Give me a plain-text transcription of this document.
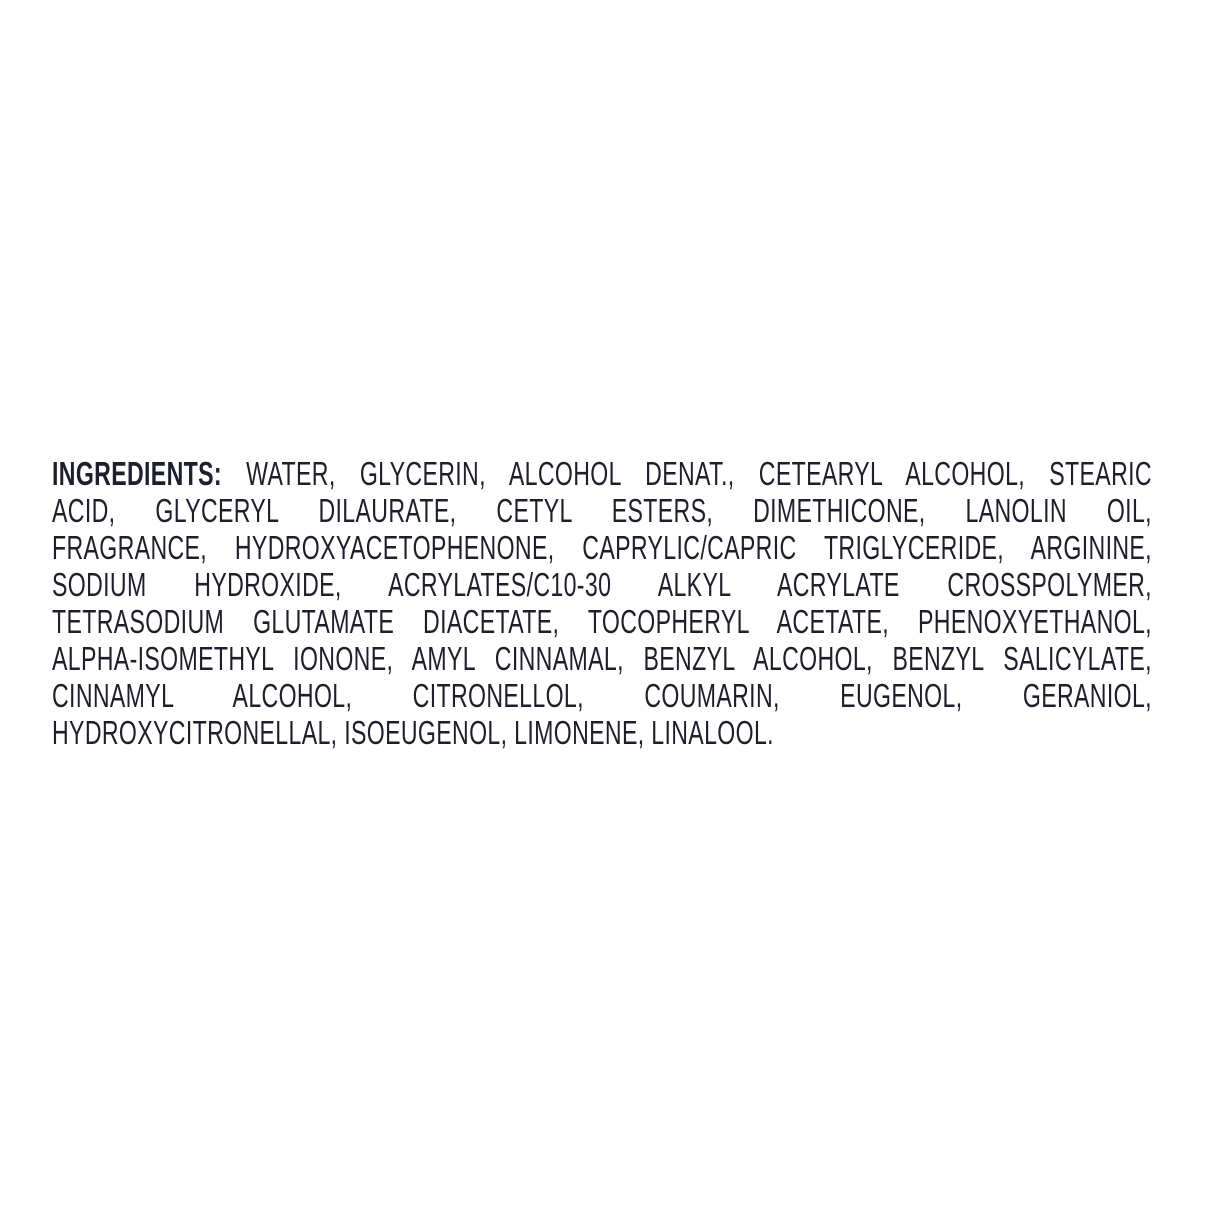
INGREDIENTS: WATER, GLYCERIN, ALCOHOL DENAT., CETEARYL ALCOHOL, STEARIC
ACID, GLYCERYL DILAURATE, CETYL ESTERS, DIMETHICONE, LANOLIN OIL,
FRAGRANCE, HYDROXYACETOPHENONE, CAPRYLIC/CAPRIC TRIGLYCERIDE, ARGININE,
SODIUM HYDROXIDE, ACRYLATES/C10-30 ALKYL ACRYLATE CROSSPOLYMER,
TETRASODIUM GLUTAMATE DIACETATE, TOCOPHERYL ACETATE, PHENOXYETHANOL,
ALPHA-ISOMETHYL IONONE, AMYL CINNAMAL, BENZYL ALCOHOL, BENZYL SALICYLATE,
CINNAMYL ALCOHOL, CITRONELLOL, COUMARIN, EUGENOL, GERANIOL,
HYDROXYCITRONELLAL, ISOEUGENOL, LIMONENE, LINALOOL.
